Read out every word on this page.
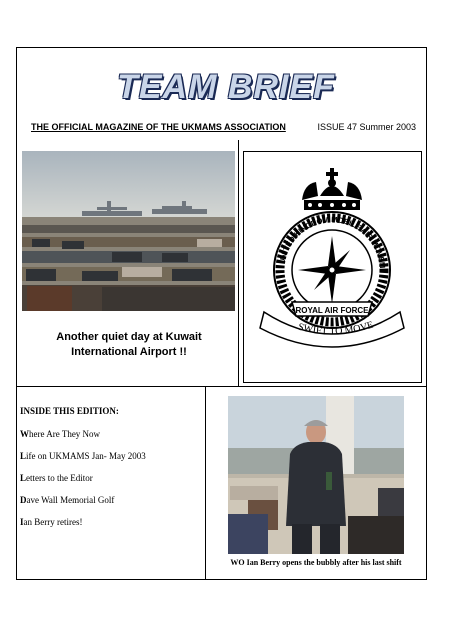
TEAM BRIEF
THE OFFICIAL MAGAZINE OF THE UKMAMS ASSOCIATION	ISSUE 47 Summer 2003
Another quiet day at Kuwait International Airport !!
UNITED KINGDOM MOBILE AIR MOVEM
ROYAL AIR FORCE
SWIFT TO MOVE
INSIDE THIS EDITION:
Where Are They Now
Life on UKMAMS Jan- May 2003
Letters to the Editor
Dave Wall Memorial Golf
Ian Berry retires!
WO Ian Berry opens the bubbly after his last shift
